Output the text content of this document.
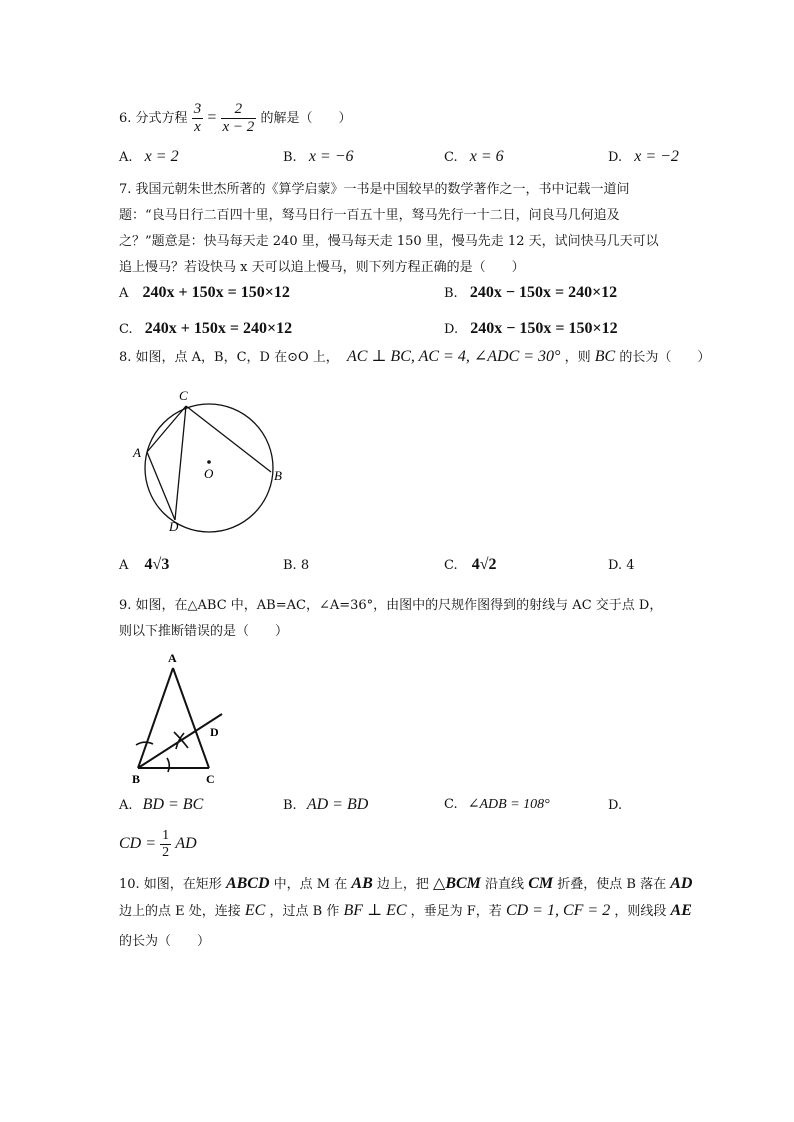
6. 分式方程 $\frac{3}{x} = \frac{2}{x - 2}$ 的解是（　　）
A. x = 2	B. x = −6	C. x = 6	D. x = −2
7. 我国元朝朱世杰所著的《算学启蒙》一书是中国较早的数学著作之一，书中记载一道问
题：“良马日行二百四十里，驽马日行一百五十里，驽马先行一十二日，问良马几何追及
之？”题意是：快马每天走 240 里，慢马每天走 150 里，慢马先走 12 天，试问快马几天可以
追上慢马？若设快马 x 天可以追上慢马，则下列方程正确的是（　　）
A 240x + 150x = 150×12	B. 240x − 150x = 240×12
C. 240x + 150x = 240×12	D. 240x − 150x = 150×12
8. 如图，点 A，B，C，D 在⊙O 上， AC ⊥ BC, AC = 4, ∠ADC = 30° ，则 BC 的长为（　　）
C
A
O	B
D
A 4√3	B. 8	C. 4√2	D. 4
9. 如图，在△ABC 中，AB=AC，∠A=36°，由图中的尺规作图得到的射线与 AC 交于点 D，
则以下推断错误的是（　　）
A
D
B	C
A. BD = BC	B. AD = BD	C. ∠ADB = 108°	D.
CD = $\frac{1}{2}$ AD
10. 如图，在矩形 ABCD 中，点 M 在 AB 边上，把 △BCM 沿直线 CM 折叠，使点 B 落在 AD
边上的点 E 处，连接 EC ，过点 B 作 BF ⊥ EC ，垂足为 F，若 CD = 1, CF = 2 ，则线段 AE
的长为（　　）
